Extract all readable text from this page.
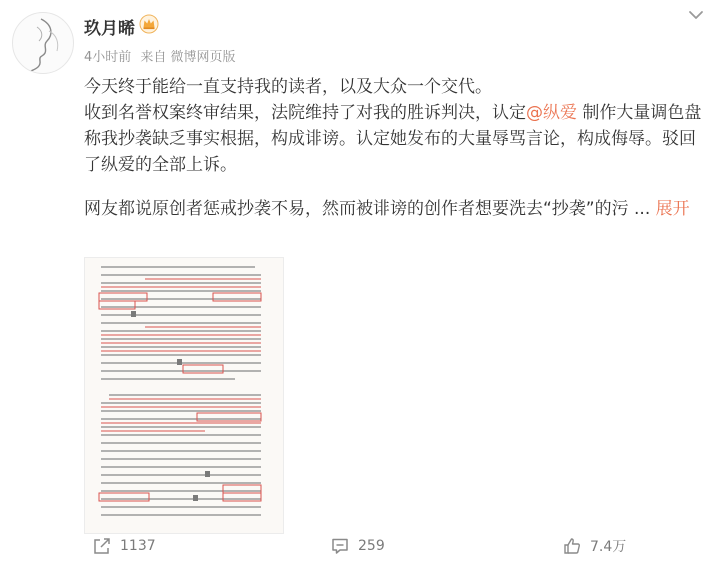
玖月晞
4小时前 来自 微博网页版

今天终于能给一直支持我的读者，以及大众一个交代。

收到名誉权案终审结果，法院维持了对我的胜诉判决，认定@纵爱 制作大量调色盘称我抄袭缺乏事实根据，构成诽谤。认定她发布的大量辱骂言论，构成侮辱。驳回了纵爱的全部上诉。

网友都说原创者惩戒抄袭不易，然而被诽谤的创作者想要洗去“抄袭”的污 ... 展开

1137	259	7.4万
